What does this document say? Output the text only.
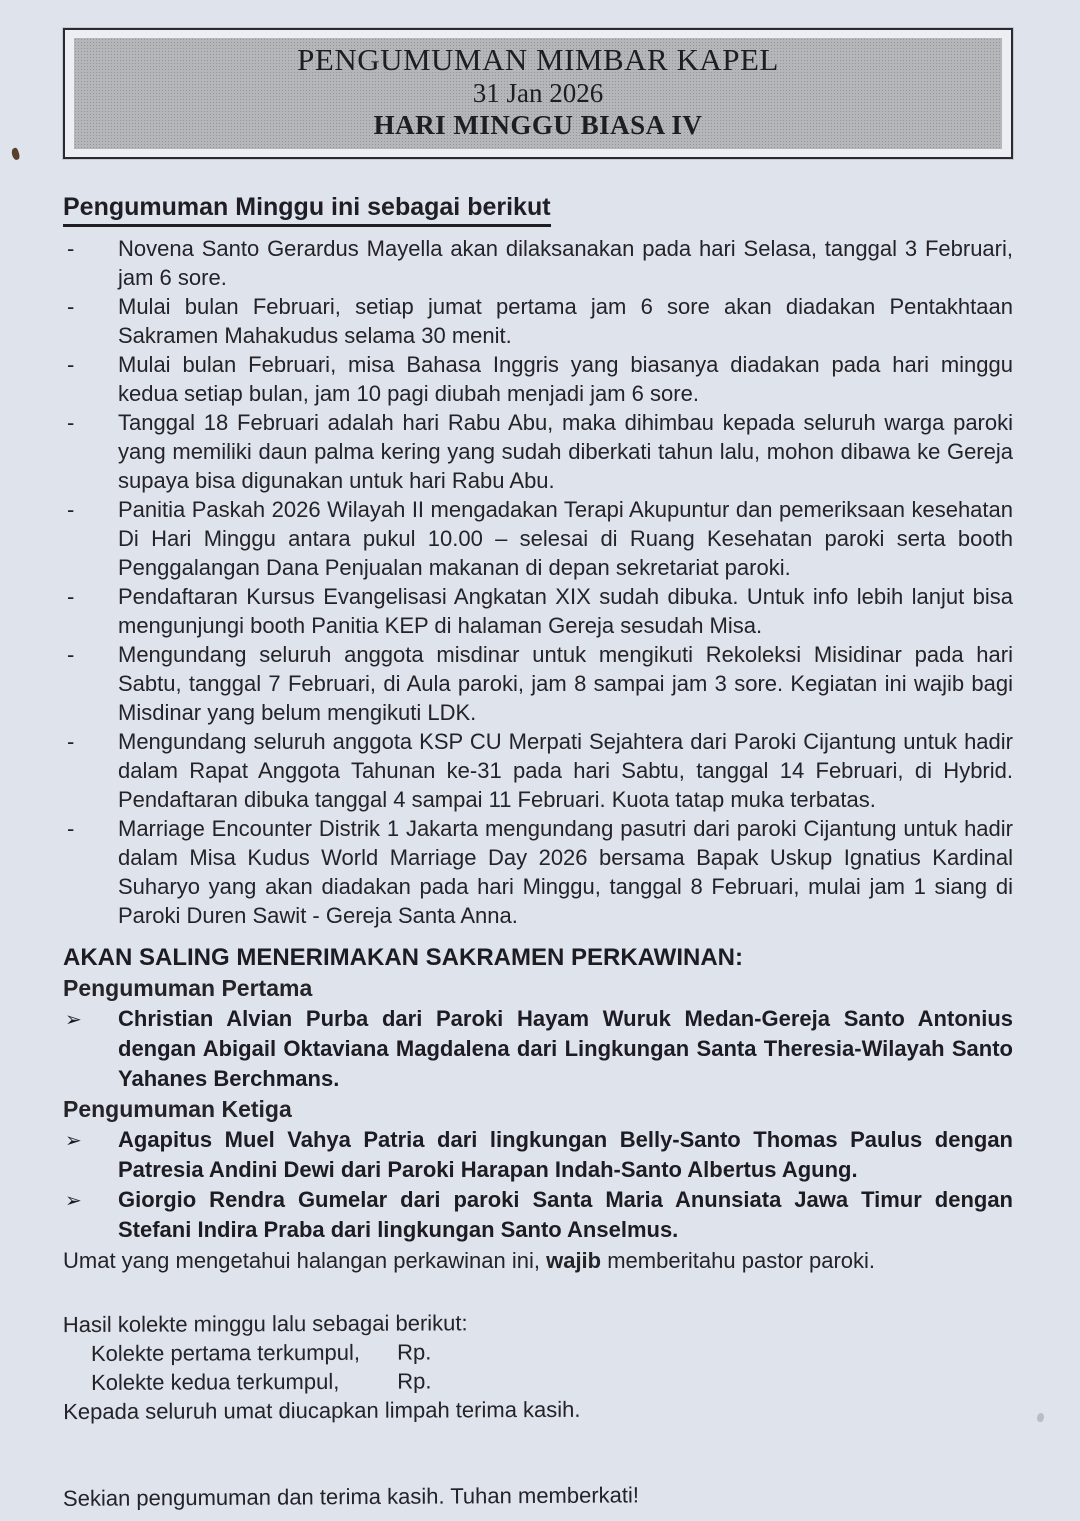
PENGUMUMAN MIMBAR KAPEL
31 Jan 2026
HARI MINGGU BIASA IV
Pengumuman Minggu ini sebagai berikut
- Novena Santo Gerardus Mayella akan dilaksanakan pada hari Selasa, tanggal 3 Februari, jam 6 sore.
- Mulai bulan Februari, setiap jumat pertama jam 6 sore akan diadakan Pentakhtaan Sakramen Mahakudus selama 30 menit.
- Mulai bulan Februari, misa Bahasa Inggris yang biasanya diadakan pada hari minggu kedua setiap bulan, jam 10 pagi diubah menjadi jam 6 sore.
- Tanggal 18 Februari adalah hari Rabu Abu, maka dihimbau kepada seluruh warga paroki yang memiliki daun palma kering yang sudah diberkati tahun lalu, mohon dibawa ke Gereja supaya bisa digunakan untuk hari Rabu Abu.
- Panitia Paskah 2026 Wilayah II mengadakan Terapi Akupuntur dan pemeriksaan kesehatan Di Hari Minggu antara pukul 10.00 – selesai di Ruang Kesehatan paroki serta booth Penggalangan Dana Penjualan makanan di depan sekretariat paroki.
- Pendaftaran Kursus Evangelisasi Angkatan XIX sudah dibuka. Untuk info lebih lanjut bisa mengunjungi booth Panitia KEP di halaman Gereja sesudah Misa.
- Mengundang seluruh anggota misdinar untuk mengikuti Rekoleksi Misidinar pada hari Sabtu, tanggal 7 Februari, di Aula paroki, jam 8 sampai jam 3 sore. Kegiatan ini wajib bagi Misdinar yang belum mengikuti LDK.
- Mengundang seluruh anggota KSP CU Merpati Sejahtera dari Paroki Cijantung untuk hadir dalam Rapat Anggota Tahunan ke-31 pada hari Sabtu, tanggal 14 Februari, di Hybrid. Pendaftaran dibuka tanggal 4 sampai 11 Februari. Kuota tatap muka terbatas.
- Marriage Encounter Distrik 1 Jakarta mengundang pasutri dari paroki Cijantung untuk hadir dalam Misa Kudus World Marriage Day 2026 bersama Bapak Uskup Ignatius Kardinal Suharyo yang akan diadakan pada hari Minggu, tanggal 8 Februari, mulai jam 1 siang di Paroki Duren Sawit - Gereja Santa Anna.
AKAN SALING MENERIMAKAN SAKRAMEN PERKAWINAN:
Pengumuman Pertama
➢ Christian Alvian Purba dari Paroki Hayam Wuruk Medan-Gereja Santo Antonius dengan Abigail Oktaviana Magdalena dari Lingkungan Santa Theresia-Wilayah Santo Yahanes Berchmans.
Pengumuman Ketiga
➢ Agapitus Muel Vahya Patria dari lingkungan Belly-Santo Thomas Paulus dengan Patresia Andini Dewi dari Paroki Harapan Indah-Santo Albertus Agung.
➢ Giorgio Rendra Gumelar dari paroki Santa Maria Anunsiata Jawa Timur dengan Stefani Indira Praba dari lingkungan Santo Anselmus.

Umat yang mengetahui halangan perkawinan ini, wajib memberitahu pastor paroki.

Hasil kolekte minggu lalu sebagai berikut:

Kolekte pertama terkumpul, Rp.
Kolekte kedua terkumpul,	Rp.

Kepada seluruh umat diucapkan limpah terima kasih.

Sekian pengumuman dan terima kasih. Tuhan memberkati!
